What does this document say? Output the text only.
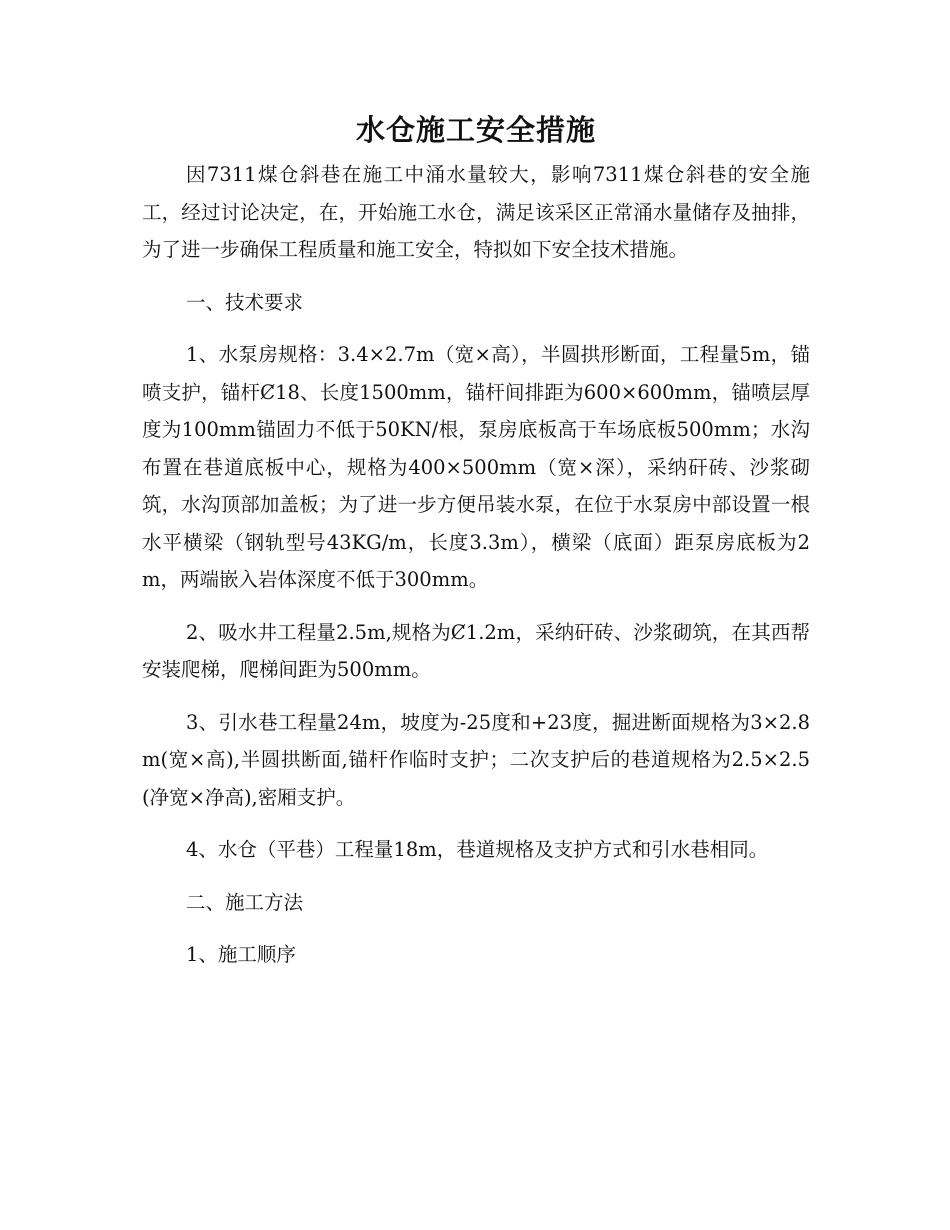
水仓施工安全措施

因7311煤仓斜巷在施工中涌水量较大，影响7311煤仓斜巷的安全施工，经过讨论决定，在，开始施工水仓，满足该采区正常涌水量储存及抽排，为了进一步确保工程质量和施工安全，特拟如下安全技术措施。

一、技术要求

1、水泵房规格：3.4×2.7m（宽×高），半圆拱形断面，工程量5m，锚喷支护，锚杆Ȼ18、长度1500mm，锚杆间排距为600×600mm，锚喷层厚度为100mm锚固力不低于50KN/根，泵房底板高于车场底板500mm；水沟布置在巷道底板中心，规格为400×500mm（宽×深），采纳矸砖、沙浆砌筑，水沟顶部加盖板；为了进一步方便吊装水泵，在位于水泵房中部设置一根水平横梁（钢轨型号43KG/m，长度3.3m），横梁（底面）距泵房底板为2m，两端嵌入岩体深度不低于300mm。

2、吸水井工程量2.5m,规格为Ȼ1.2m，采纳矸砖、沙浆砌筑，在其西帮安装爬梯，爬梯间距为500mm。

3、引水巷工程量24m，坡度为-25度和+23度，掘进断面规格为3×2.8m(宽×高),半圆拱断面,锚杆作临时支护；二次支护后的巷道规格为2.5×2.5(净宽×净高),密厢支护。

4、水仓（平巷）工程量18m，巷道规格及支护方式和引水巷相同。

二、施工方法

1、施工顺序
